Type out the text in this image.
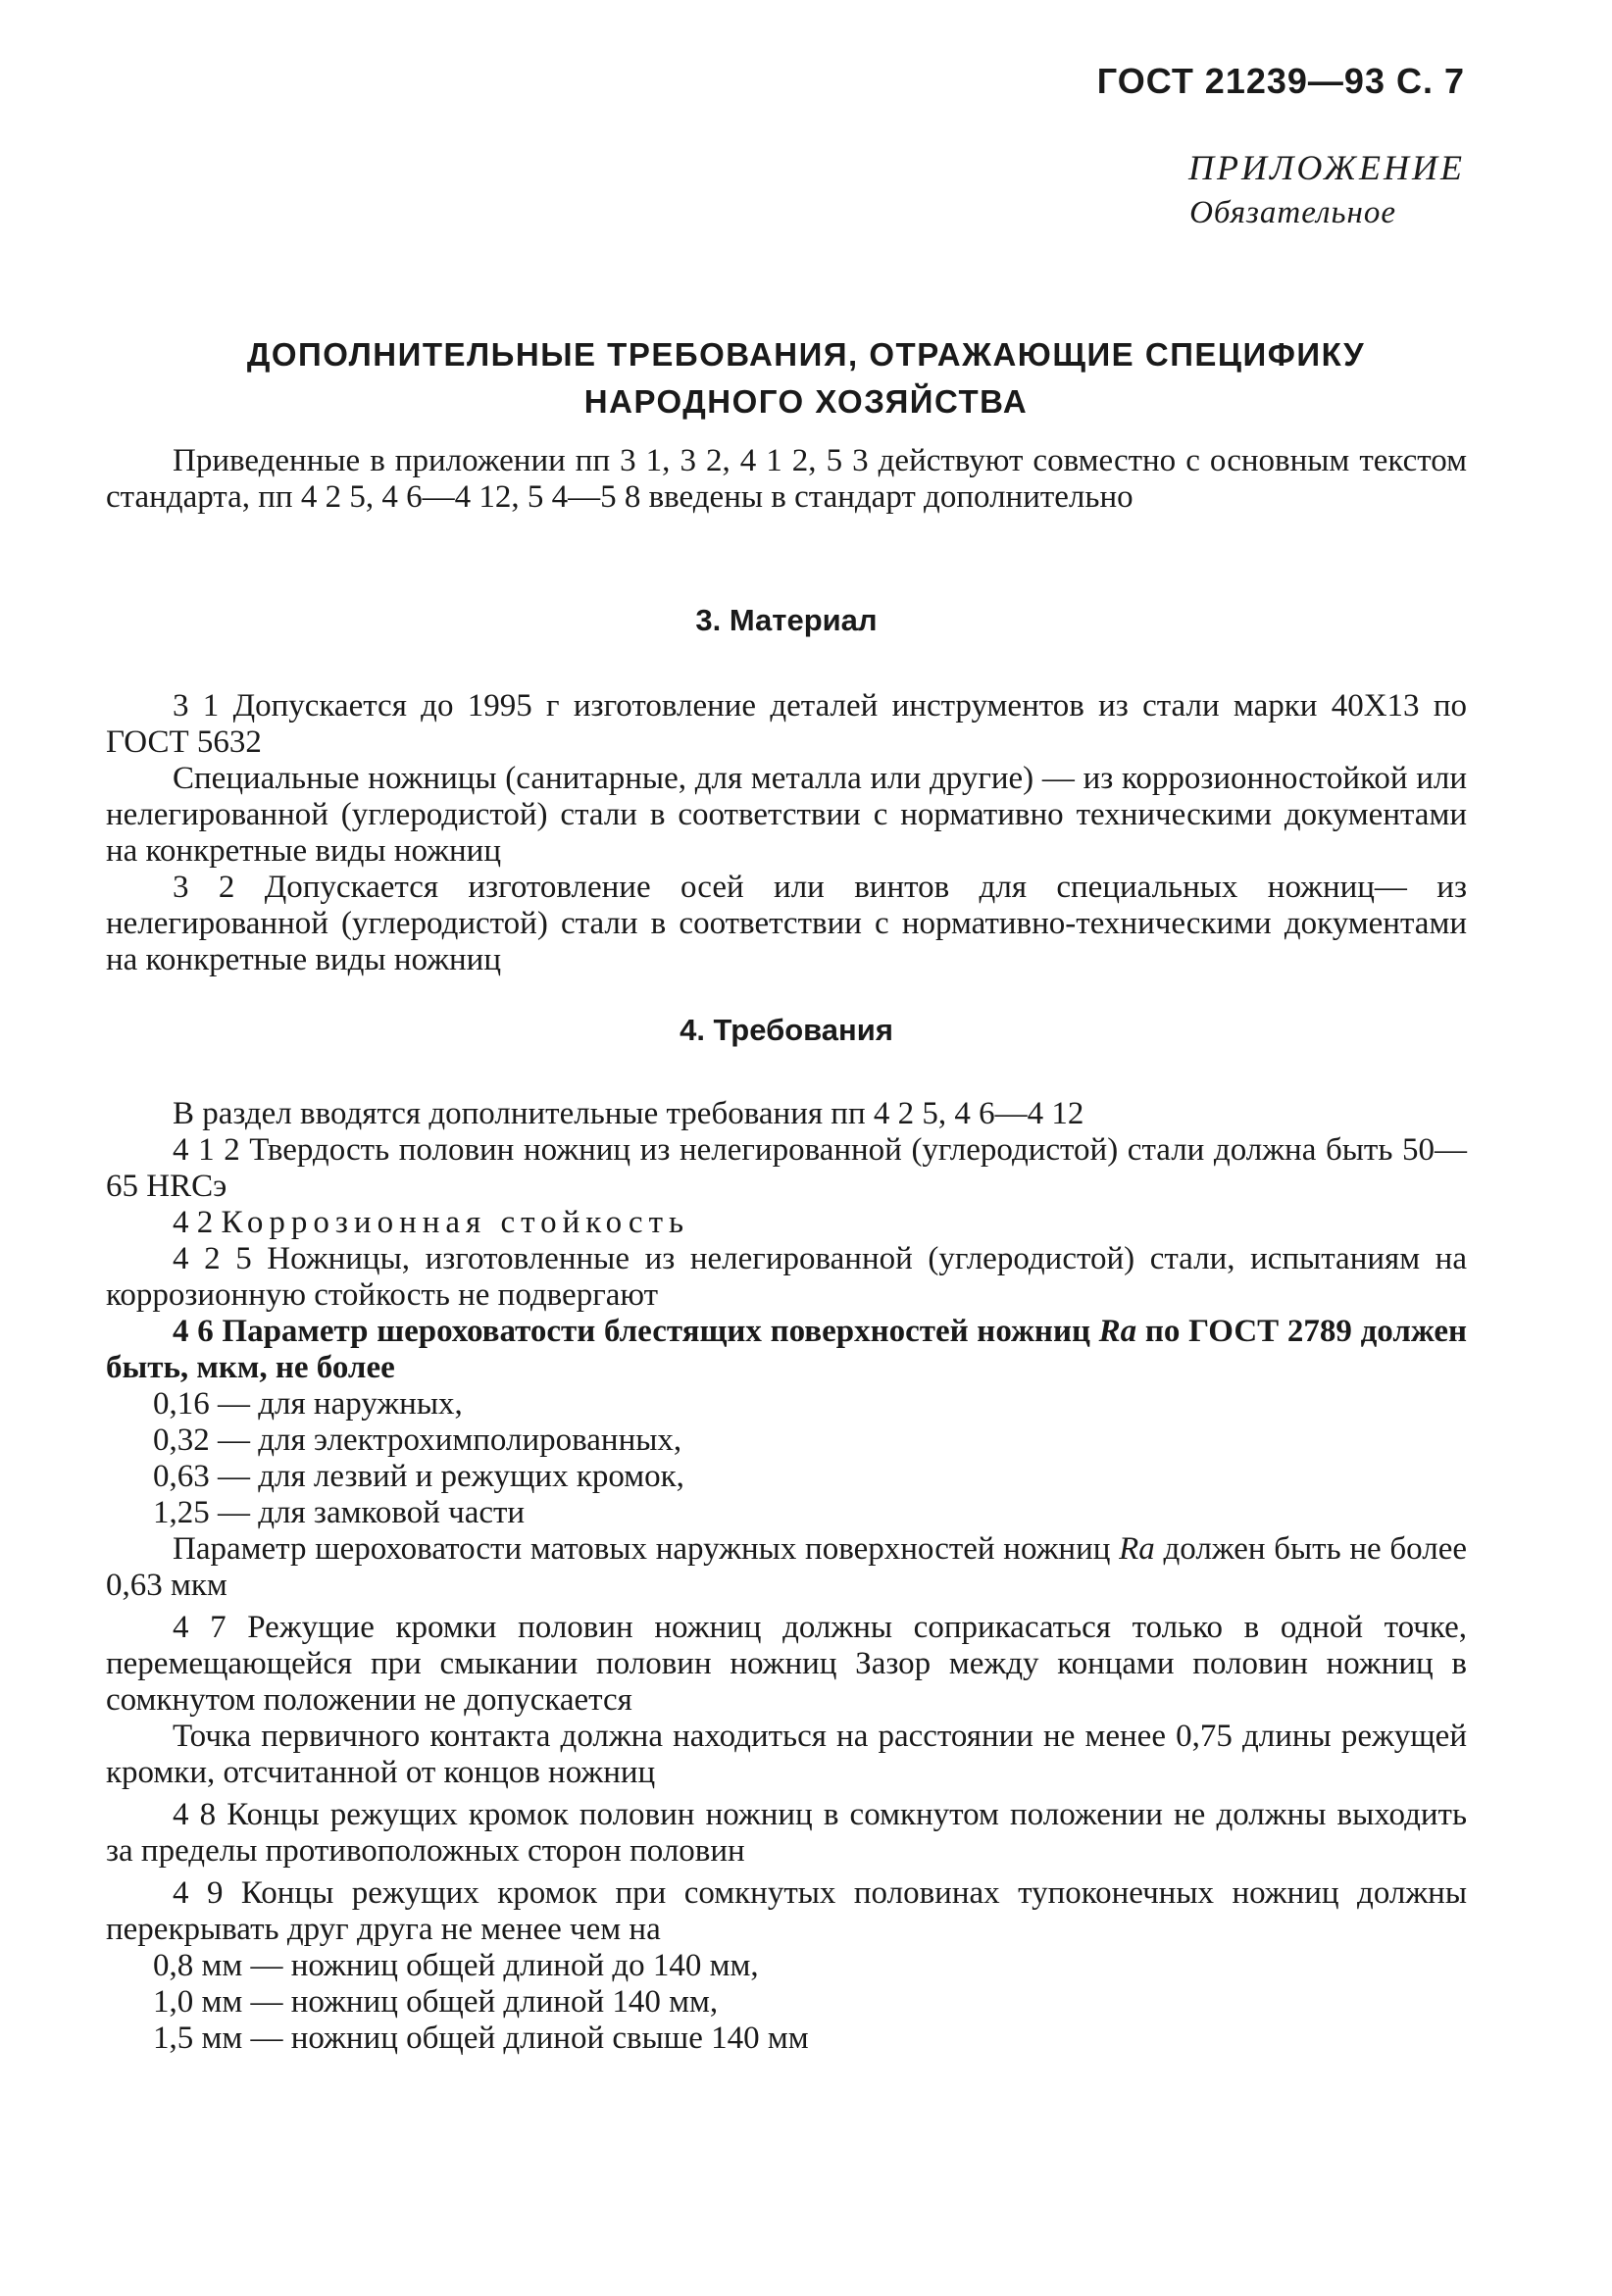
ГОСТ 21239—93 С. 7
ПРИЛОЖЕНИЕ
Обязательное
ДОПОЛНИТЕЛЬНЫЕ ТРЕБОВАНИЯ, ОТРАЖАЮЩИЕ СПЕЦИФИКУ
НАРОДНОГО ХОЗЯЙСТВА

Приведенные в приложении пп 3 1, 3 2, 4 1 2, 5 3 действуют совместно с основным текстом стандарта, пп 4 2 5, 4 6—4 12, 5 4—5 8 введены в стандарт дополнительно

3. Материал

3 1 Допускается до 1995 г изготовление деталей инструментов из стали марки 40Х13 по ГОСТ 5632

Специальные ножницы (санитарные, для металла или другие) — из коррозионностойкой или нелегированной (углеродистой) стали в соответствии с нормативно техническими документами на конкретные виды ножниц

3 2 Допускается изготовление осей или винтов для специальных ножниц— из нелегированной (углеродистой) стали в соответствии с нормативно-техническими документами на конкретные виды ножниц

4. Требования

В раздел вводятся дополнительные требования пп 4 2 5, 4 6—4 12

4 1 2 Твердость половин ножниц из нелегированной (углеродистой) стали должна быть 50—65 HRCэ

4 2 Коррозионная стойкость

4 2 5 Ножницы, изготовленные из нелегированной (углеродистой) стали, испытаниям на коррозионную стойкость не подвергают

4 6 Параметр шероховатости блестящих поверхностей ножниц Ra по ГОСТ 2789 должен быть, мкм, не более

0,16 — для наружных,

0,32 — для электрохимполированных,

0,63 — для лезвий и режущих кромок,

1,25 — для замковой части

Параметр шероховатости матовых наружных поверхностей ножниц Ra должен быть не более 0,63 мкм

4 7 Режущие кромки половин ножниц должны соприкасаться только в одной точке, перемещающейся при смыкании половин ножниц Зазор между концами половин ножниц в сомкнутом положении не допускается

Точка первичного контакта должна находиться на расстоянии не менее 0,75 длины режущей кромки, отсчитанной от концов ножниц

4 8 Концы режущих кромок половин ножниц в сомкнутом положении не должны выходить за пределы противоположных сторон половин

4 9 Концы режущих кромок при сомкнутых половинах тупоконечных ножниц должны перекрывать друг друга не менее чем на

0,8 мм — ножниц общей длиной до 140 мм,

1,0 мм — ножниц общей длиной 140 мм,

1,5 мм — ножниц общей длиной свыше 140 мм
